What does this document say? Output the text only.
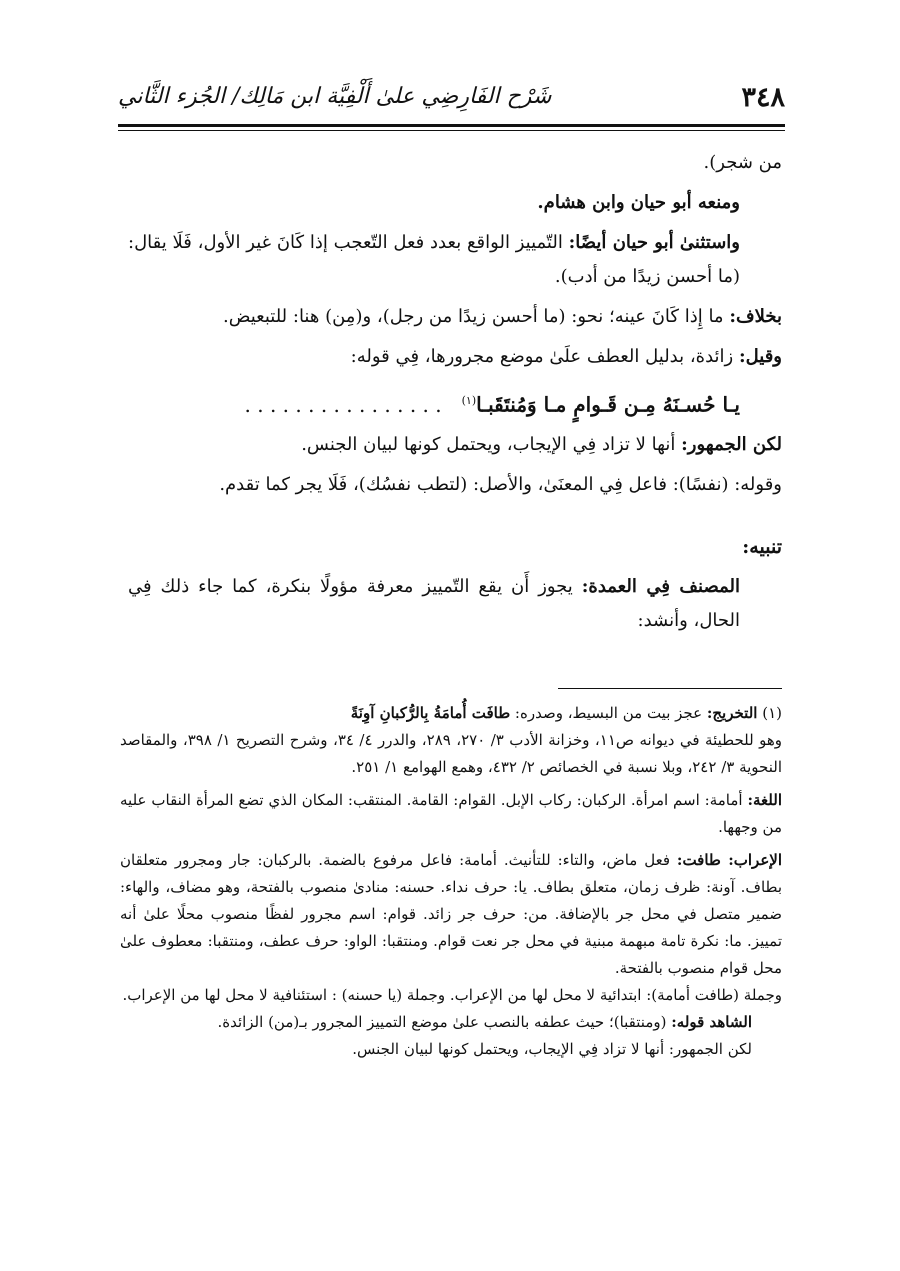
٣٤٨
شَرْح الفَارِضِي علىٰ أَلْفِيَّة ابن مَالِك/ الجُزء الثَّاني

من شجر).

ومنعه أبو حيان وابن هشام.

واستثنىٰ أبو حيان أيضًا: التّمييز الواقع بعدد فعل التّعجب إذا كَانَ غير الأول، فَلَا يقال: (ما أحسن زيدًا من أدب).

بخلاف: ما إِذا كَانَ عينه؛ نحو: (ما أحسن زيدًا من رجل)، و(مِن) هنا: للتبعيض.

وقيل: زائدة، بدليل العطف علَىٰ موضع مجرورها، فِي قوله:

يـا حُسـنَهُ مِـن قَـوامٍ مـا وَمُنتَقَبـا$^{(١)}$. . . . . . . . . . . . . . . .

لكن الجمهور: أنها لا تزاد فِي الإيجاب، ويحتمل كونها لبيان الجنس.

وقوله: (نفسًا): فاعل فِي المعنَىٰ، والأصل: (لتطب نفسُك)، فَلَا يجر كما تقدم.

تنبيه:

المصنف فِي العمدة: يجوز أَن يقع التّمييز معرفة مؤولًا بنكرة، كما جاء ذلك فِي الحال، وأنشد:

(١) التخريج: عجز بيت من البسيط، وصدره: طافَت أُمامَةُ بِالرُّكبانِ آوِنَةً

وهو للحطيئة في ديوانه ص١١، وخزانة الأدب ٣/ ٢٧٠، ٢٨٩، والدرر ٤/ ٣٤، وشرح التصريح ١/ ٣٩٨، والمقاصد النحوية ٣/ ٢٤٢، وبلا نسبة في الخصائص ٢/ ٤٣٢، وهمع الهوامع ١/ ٢٥١.

اللغة: أمامة: اسم امرأة. الركبان: ركاب الإبل. القوام: القامة. المنتقب: المكان الذي تضع المرأة النقاب عليه من وجهها.

الإعراب: طافت: فعل ماض، والتاء: للتأنيث. أمامة: فاعل مرفوع بالضمة. بالركبان: جار ومجرور متعلقان بطاف. آونة: ظرف زمان، متعلق بطاف. يا: حرف نداء. حسنه: منادىٰ منصوب بالفتحة، وهو مضاف، والهاء: ضمير متصل في محل جر بالإضافة. من: حرف جر زائد. قوام: اسم مجرور لفظًا منصوب محلًا علىٰ أنه تمييز. ما: نكرة تامة مبهمة مبنية في محل جر نعت قوام. ومنتقبا: الواو: حرف عطف، ومنتقبا: معطوف علىٰ محل قوام منصوب بالفتحة.

وجملة (طافت أمامة): ابتدائية لا محل لها من الإعراب. وجملة (يا حسنه) : استئنافية لا محل لها من الإعراب.

الشاهد قوله: (ومنتقبا)؛ حيث عطفه بالنصب علىٰ موضع التمييز المجرور بـ(من) الزائدة.

لكن الجمهور: أنها لا تزاد فِي الإيجاب، ويحتمل كونها لبيان الجنس.
